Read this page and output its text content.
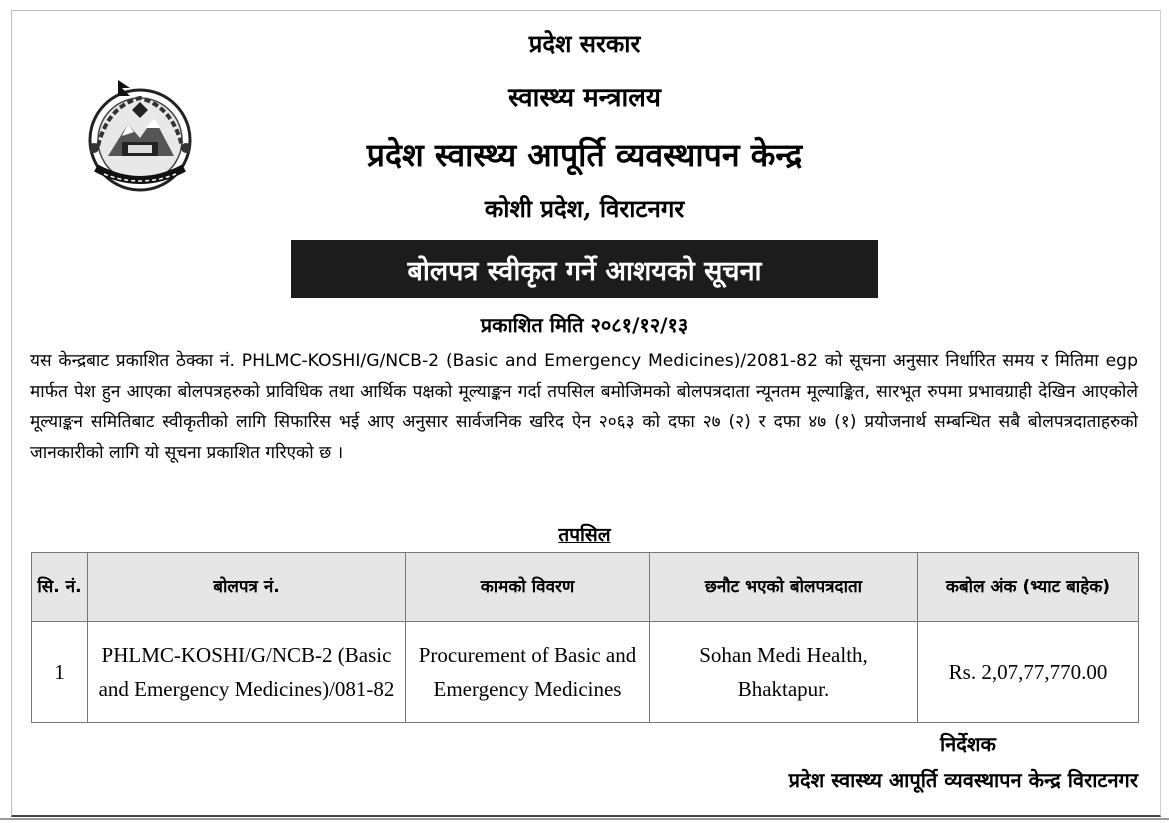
प्रदेश सरकार
स्वास्थ्य मन्त्रालय
प्रदेश स्वास्थ्य आपूर्ति व्यवस्थापन केन्द्र
कोशी प्रदेश, विराटनगर
बोलपत्र स्वीकृत गर्ने आशयको सूचना
प्रकाशित मिति २०८१/१२/१३
यस केन्द्रबाट प्रकाशित ठेक्का नं. PHLMC-KOSHI/G/NCB-2 (Basic and Emergency Medicines)/2081-82 को सूचना अनुसार निर्धारित समय र मितिमा egp मार्फत पेश हुन आएका बोलपत्रहरुको प्राविधिक तथा आर्थिक पक्षको मूल्याङ्कन गर्दा तपसिल बमोजिमको बोलपत्रदाता न्यूनतम मूल्याङ्कित, सारभूत रुपमा प्रभावग्राही देखिन आएकोले मूल्याङ्कन समितिबाट स्वीकृतीको लागि सिफारिस भई आए अनुसार सार्वजनिक खरिद ऐन २०६३ को दफा २७ (२) र दफा ४७ (१) प्रयोजनार्थ सम्बन्धित सबै बोलपत्रदाताहरुको जानकारीको लागि यो सूचना प्रकाशित गरिएको छ ।
तपसिल
सि. नं.	बोलपत्र नं.	कामको विवरण	छनौट भएको बोलपत्रदाता	कबोल अंक (भ्याट बाहेक)
1	PHLMC-KOSHI/G/NCB-2 (Basic and Emergency Medicines)/081-82	Procurement of Basic and Emergency Medicines	Sohan Medi Health, Bhaktapur.	Rs. 2,07,77,770.00
निर्देशक
प्रदेश स्वास्थ्य आपूर्ति व्यवस्थापन केन्द्र विराटनगर
